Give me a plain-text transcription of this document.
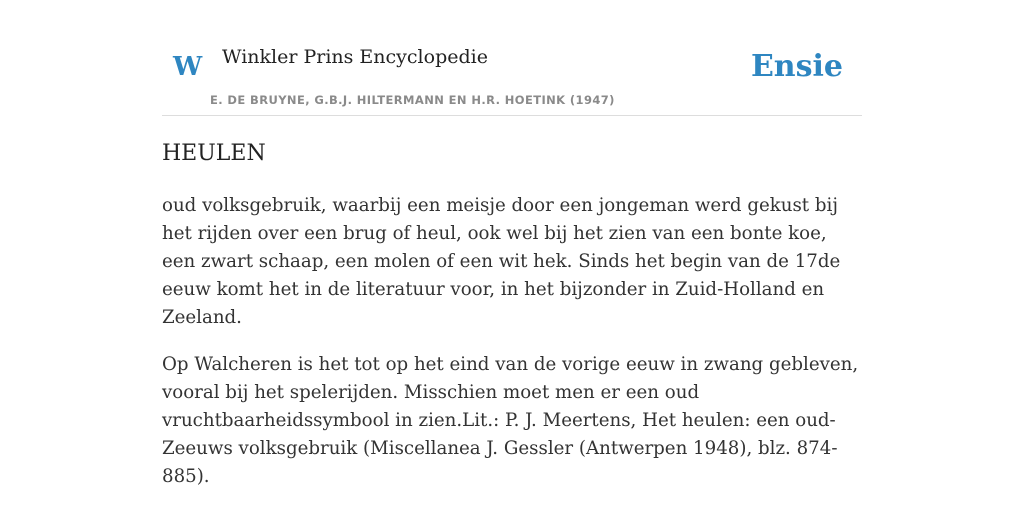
W Winkler Prins Encyclopedie
E. DE BRUYNE, G.B.J. HILTERMANN EN H.R. HOETINK (1947)
Ensie
HEULEN

oud volksgebruik, waarbij een meisje door een jongeman werd gekust bij het rijden over een brug of heul, ook wel bij het zien van een bonte koe, een zwart schaap, een molen of een wit hek. Sinds het begin van de 17de eeuw komt het in de literatuur voor, in het bijzonder in Zuid-Holland en Zeeland.

Op Walcheren is het tot op het eind van de vorige eeuw in zwang gebleven, vooral bij het spelerijden. Misschien moet men er een oud vruchtbaarheidssymbool in zien.Lit.: P. J. Meertens, Het heulen: een oud-Zeeuws volksgebruik (Miscellanea J. Gessler (Antwerpen 1948), blz. 874-885).
